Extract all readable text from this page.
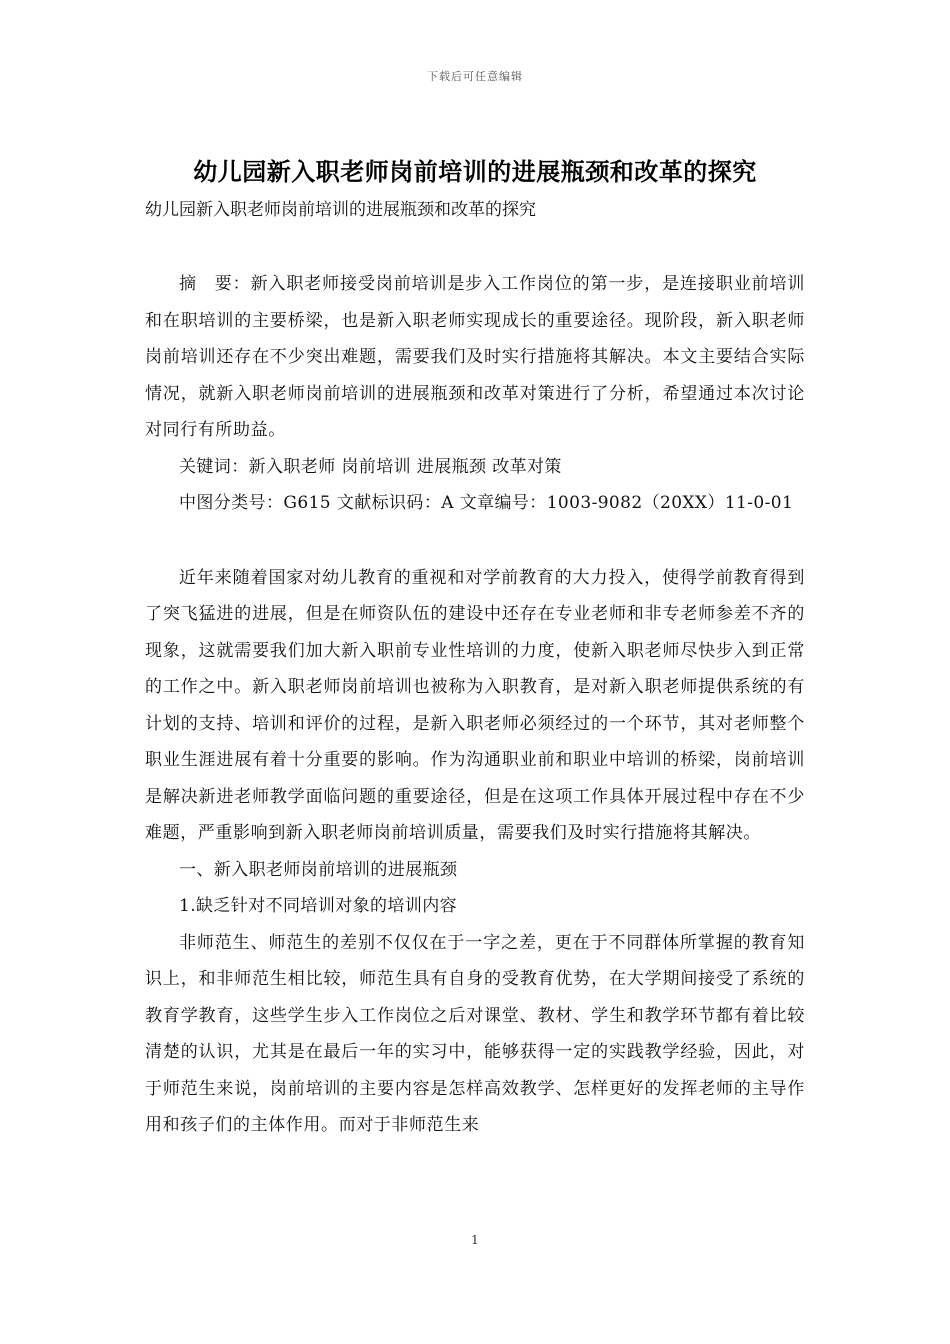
下载后可任意编辑
幼儿园新入职老师岗前培训的进展瓶颈和改革的探究

幼儿园新入职老师岗前培训的进展瓶颈和改革的探究

摘　要：新入职老师接受岗前培训是步入工作岗位的第一步，是连接职业前培训和在职培训的主要桥梁，也是新入职老师实现成长的重要途径。现阶段，新入职老师岗前培训还存在不少突出难题，需要我们及时实行措施将其解决。本文主要结合实际情况，就新入职老师岗前培训的进展瓶颈和改革对策进行了分析，希望通过本次讨论对同行有所助益。

关键词：新入职老师 岗前培训 进展瓶颈 改革对策

中图分类号：G615 文献标识码：A 文章编号：1003-9082（20XX）11-0-01

近年来随着国家对幼儿教育的重视和对学前教育的大力投入，使得学前教育得到了突飞猛进的进展，但是在师资队伍的建设中还存在专业老师和非专老师参差不齐的现象，这就需要我们加大新入职前专业性培训的力度，使新入职老师尽快步入到正常的工作之中。新入职老师岗前培训也被称为入职教育，是对新入职老师提供系统的有计划的支持、培训和评价的过程，是新入职老师必须经过的一个环节，其对老师整个职业生涯进展有着十分重要的影响。作为沟通职业前和职业中培训的桥梁，岗前培训是解决新进老师教学面临问题的重要途径，但是在这项工作具体开展过程中存在不少难题，严重影响到新入职老师岗前培训质量，需要我们及时实行措施将其解决。

一、新入职老师岗前培训的进展瓶颈

1.缺乏针对不同培训对象的培训内容

非师范生、师范生的差别不仅仅在于一字之差，更在于不同群体所掌握的教育知识上，和非师范生相比较，师范生具有自身的受教育优势，在大学期间接受了系统的教育学教育，这些学生步入工作岗位之后对课堂、教材、学生和教学环节都有着比较清楚的认识，尤其是在最后一年的实习中，能够获得一定的实践教学经验，因此，对于师范生来说，岗前培训的主要内容是怎样高效教学、怎样更好的发挥老师的主导作用和孩子们的主体作用。而对于非师范生来

1
